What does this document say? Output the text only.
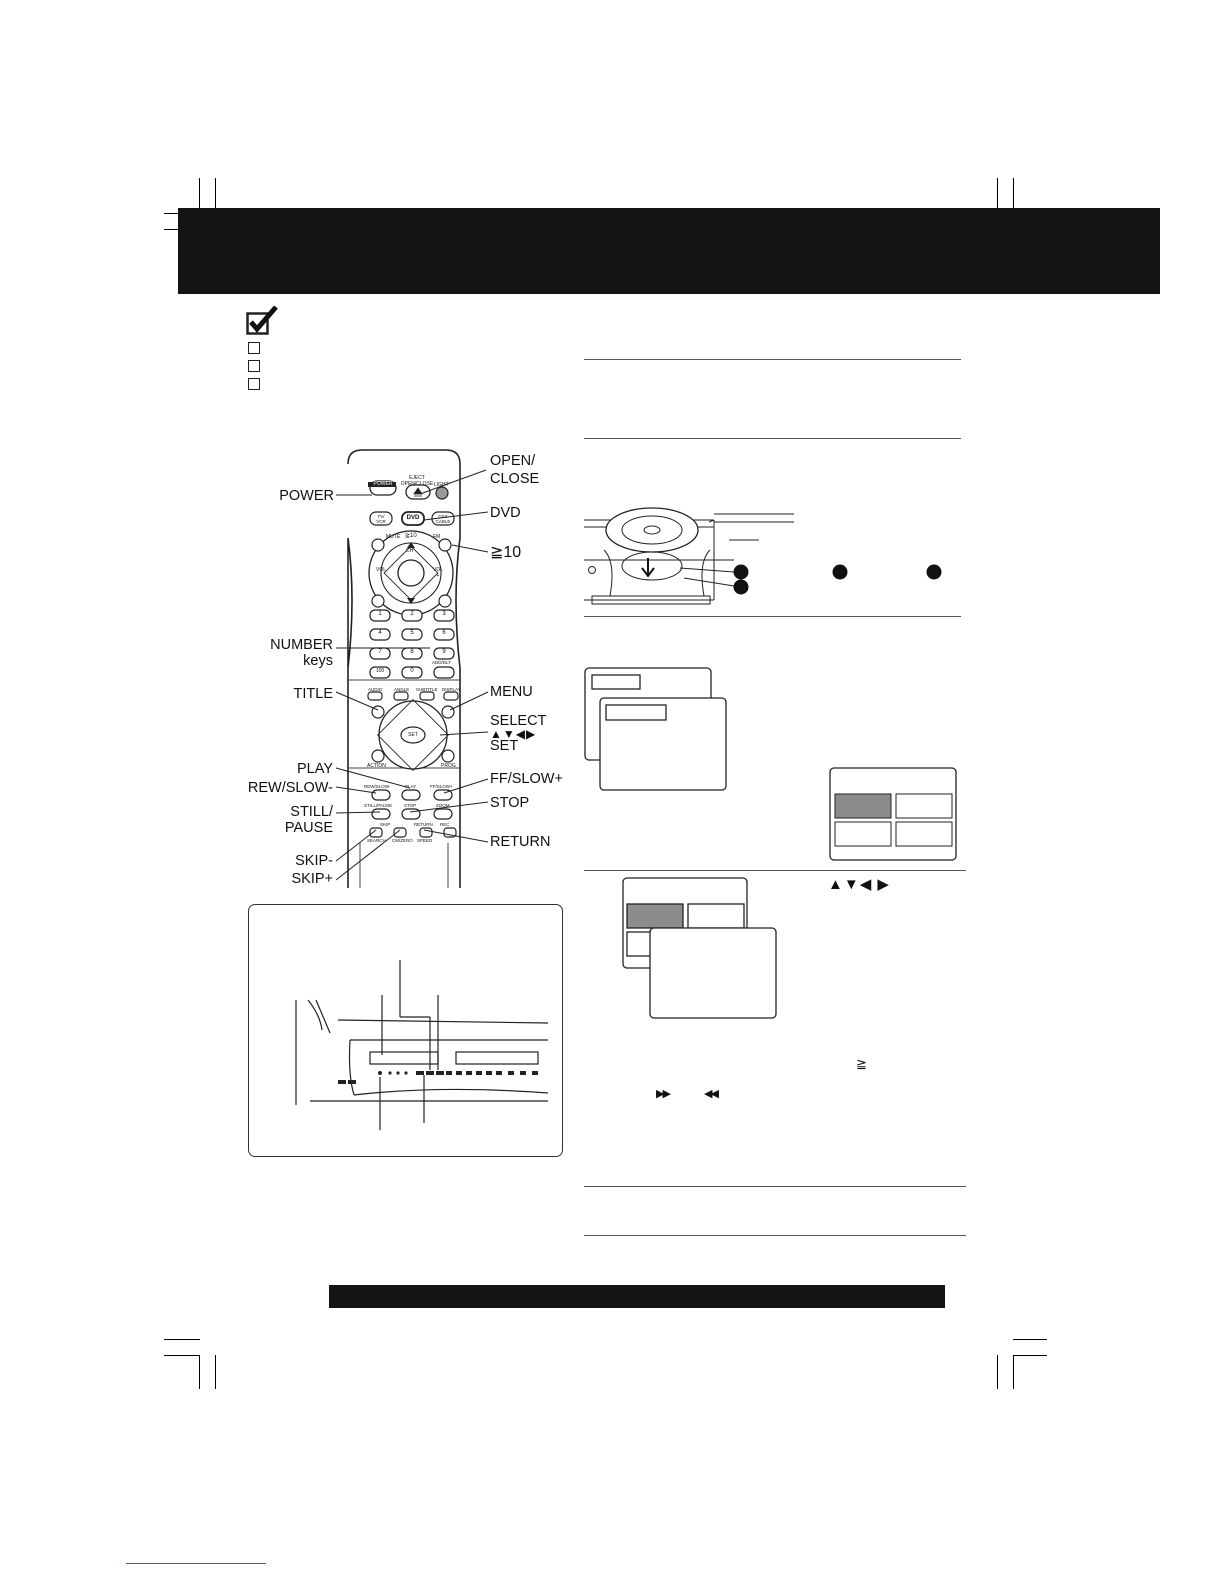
POWER
EJECT
OPEN/CLOSE LIGHT
DVD
TV/
VCR
DSS
CABLE
MUTE ≧10	FM
CH
VOL
-
VOL
+
1	2	3
4	5	6
7	8	9
100	0
ADD/DLT
AUDIO	ANGLE SUBTITLE DISPLAY
SET
ACTION	PROG
REW/SLOW-	PLAY	FF/SLOW+
STILL/PAUSE	STOP	ZOOM
SKIP	RETURN REC
SEARCH CM/ZERO SPEED
POWER
OPEN/
CLOSE
DVD
≧10
NUMBER
keys
TITLE	MENU
SELECT
▲▼◀▶
SET
PLAY
REW/SLOW-
FF/SLOW+
STILL/
PAUSE
STOP
RETURN
SKIP-
SKIP+	▲▼◀ ▶
≧
▶▶	◀◀
